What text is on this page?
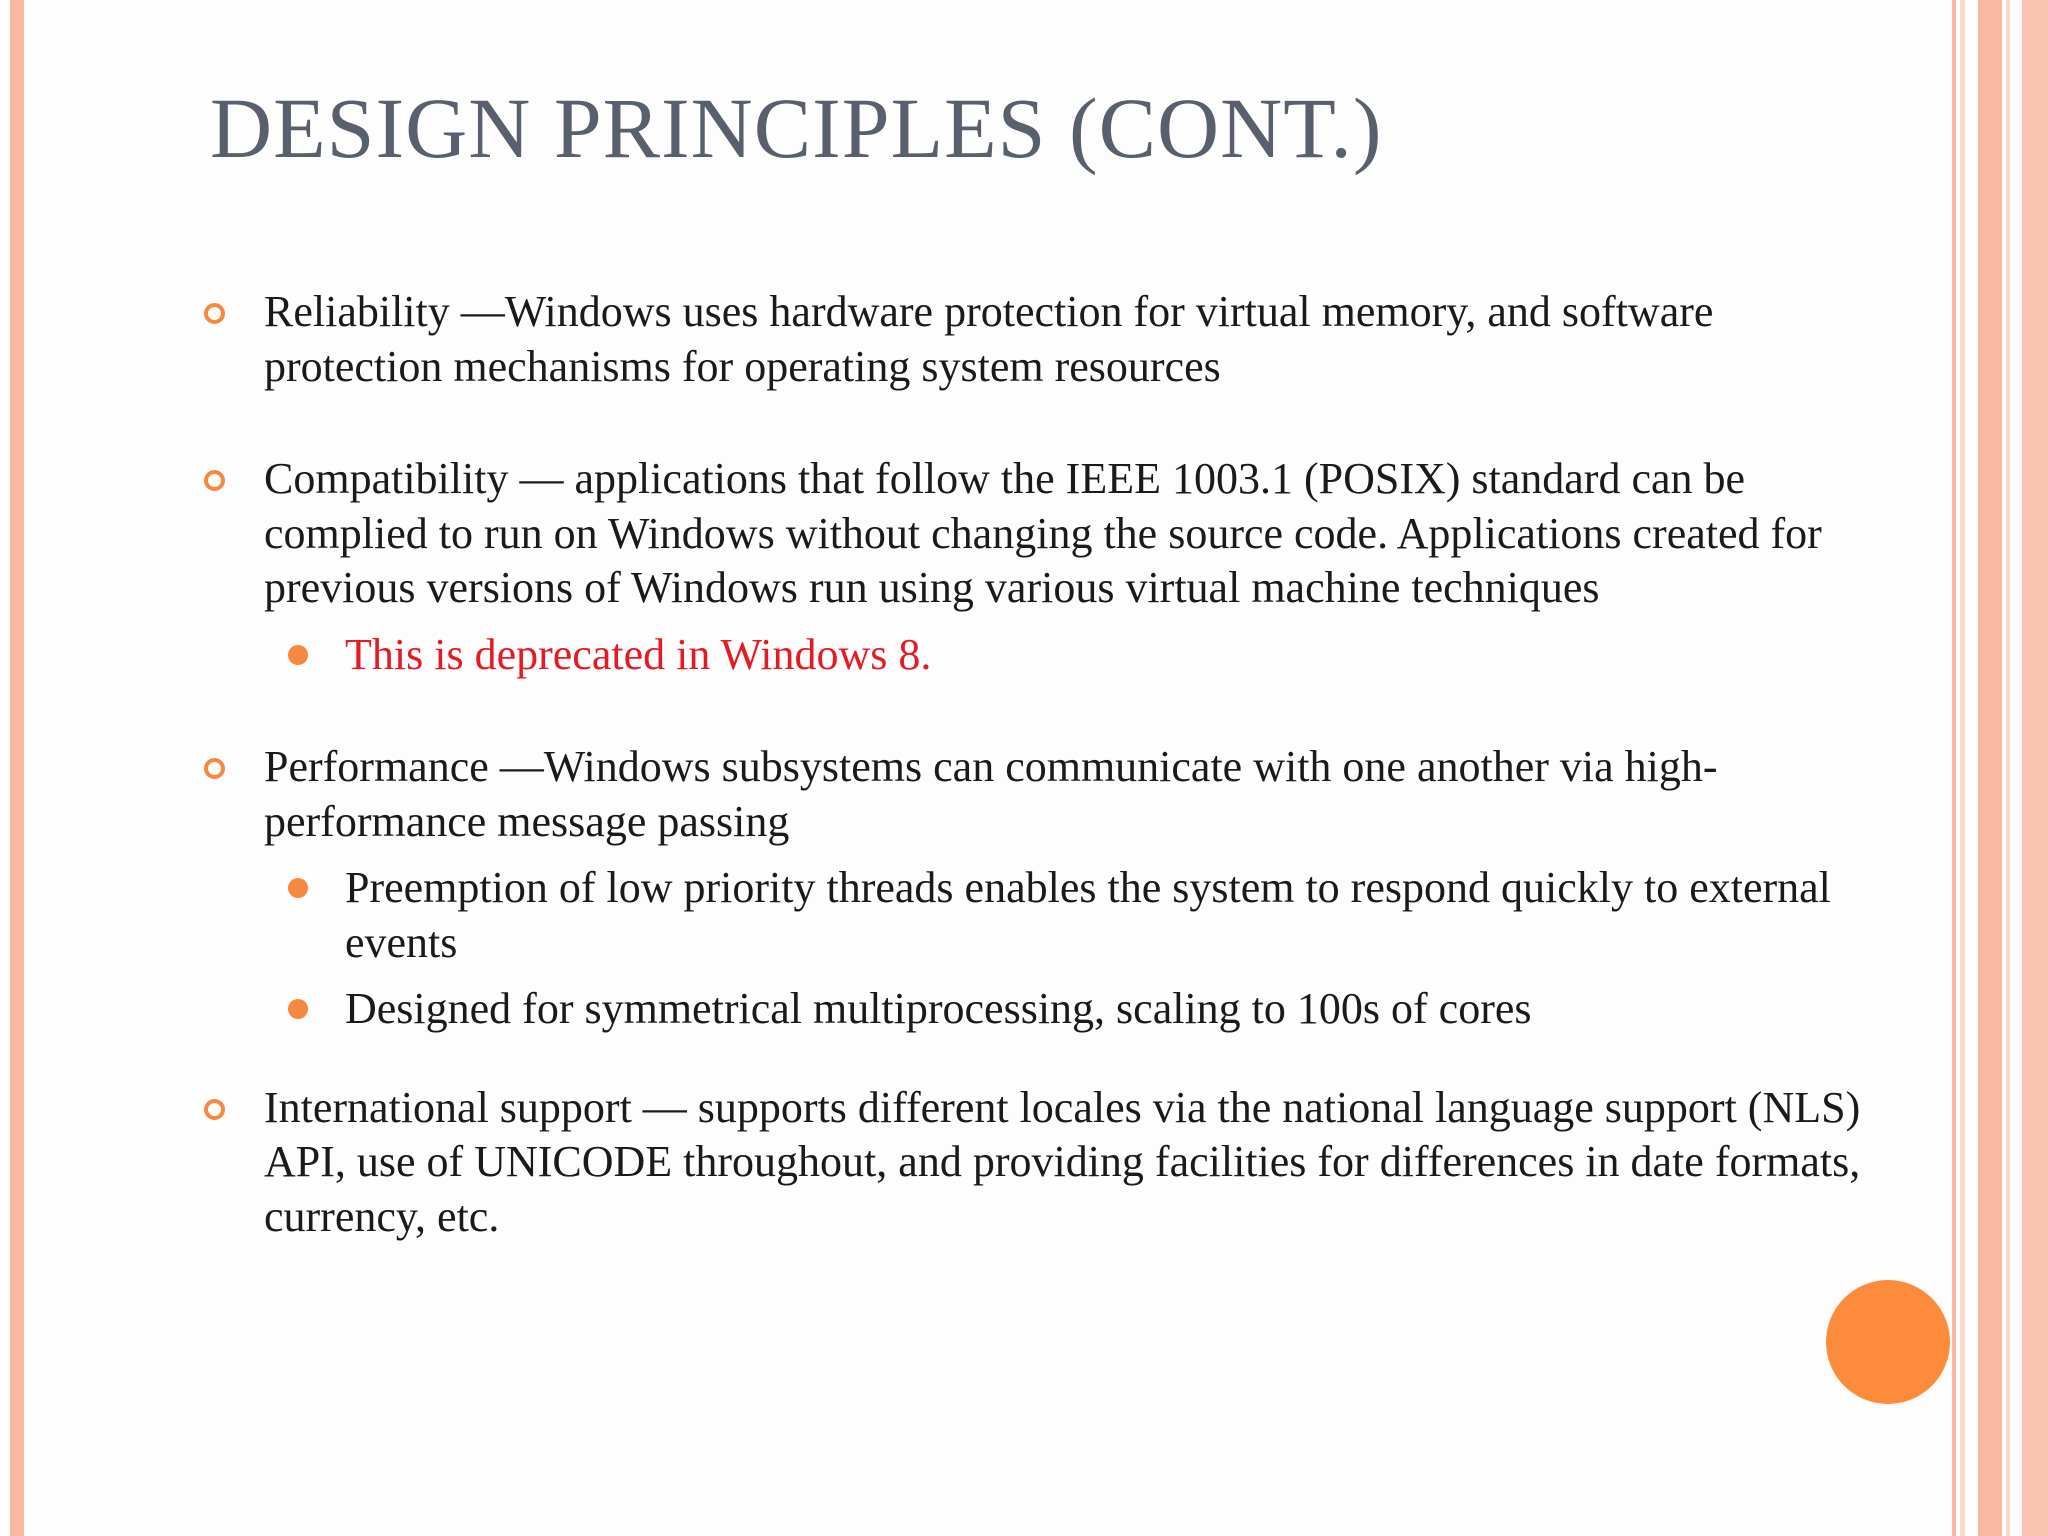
DESIGN PRINCIPLES (CONT.)
Reliability —Windows uses hardware protection for virtual memory, and software protection mechanisms for operating system resources
Compatibility — applications that follow the IEEE 1003.1 (POSIX) standard can be complied to run on Windows without changing the source code. Applications created for previous versions of Windows run using various virtual machine techniques
This is deprecated in Windows 8.
Performance —Windows subsystems can communicate with one another via high-performance message passing
Preemption of low priority threads enables the system to respond quickly to external events
Designed for symmetrical multiprocessing, scaling to 100s of cores
International support — supports different locales via the national language support (NLS) API, use of UNICODE throughout, and providing facilities for differences in date formats, currency, etc.
